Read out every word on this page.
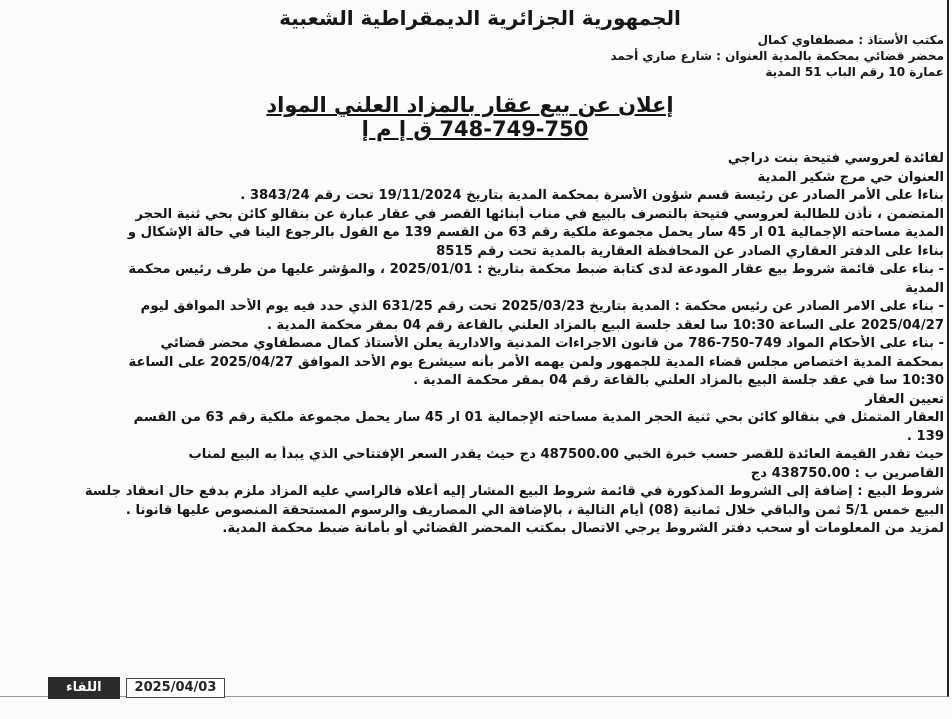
الجمهورية الجزائرية الديمقراطية الشعبية
مكتب الأستاذ : مصطفاوي كمال
محضر قضائي بمحكمة بالمدية العنوان : شارع صاري أحمد
عمارة 10 رقم الباب 51 المدية
إعلان عن بيع عقار بالمزاد العلني المواد
748-749-750 ق إ م إ
لفائدة لعروسي فتيحة بنت دراجي
العنوان حي مرج شكير المدية
بناءا على الأمر الصادر عن رئيسة قسم شؤون الأسرة بمحكمة المدية بتاريخ 19/11/2024 تحت رقم 3843/24 .
المتضمن ، نأذن للطالبة لعروسي فتيحة بالتصرف بالبيع في مناب أبنائها القصر في عقار عبارة عن بنقالو كائن بحي ثنية الحجر
المدية مساحته الإجمالية 01 ار 45 سار يحمل مجموعة ملكية رقم 63 من القسم 139 مع القول بالرجوع الينا في حالة الإشكال و
بناءا على الدفتر العقاري الصادر عن المحافظة العقارية بالمدية تحت رقم 8515
- بناء على قائمة شروط بيع عقار المودعة لدى كتابة ضبط محكمة بتاريخ : 2025/01/01 ، والمؤشر عليها من طرف رئيس محكمة
المدية
- بناء على الامر الصادر عن رئيس محكمة : المدية بتاريخ 2025/03/23 تحت رقم 631/25 الذي حدد فيه يوم الأحد الموافق ليوم
2025/04/27 على الساعة 10:30 سا لعقد جلسة البيع بالمزاد العلني بالقاعة رقم 04 بمقر محكمة المدية .
- بناء على الأحكام المواد 749-750-786 من قانون الاجراءات المدنية والادارية يعلن الأستاذ كمال مصطفاوي محضر قضائي
بمحكمة المدية اختصاص مجلس قضاء المدية للجمهور ولمن يهمه الأمر بأنه سيشرع يوم الأحد الموافق 2025/04/27 على الساعة
10:30 سا في عقد جلسة البيع بالمزاد العلني بالقاعة رقم 04 بمقر محكمة المدية .
تعيين العقار
العقار المتمثل في بنقالو كائن بحي ثنية الحجر المدية مساحته الإجمالية 01 ار 45 سار يحمل مجموعة ملكية رقم 63 من القسم
139 .
حيث تقدر القيمة العائدة للقصر حسب خبرة الخبي 487500.00 دج حيث يقدر السعر الإفتتاحي الذي يبدأ به البيع لمناب
القاصرين ب : 438750.00 دج
شروط البيع : إضافة إلى الشروط المذكورة في قائمة شروط البيع المشار إليه أعلاه فالراسي عليه المزاد ملزم بدفع حال انعقاد جلسة
البيع خمس 5/1 ثمن والباقي خلال ثمانية (08) أيام التالية ، بالإضافة الي المصاريف والرسوم المستحقة المنصوص عليها قانونا .
لمزيد من المعلومات أو سحب دفتر الشروط يرجي الاتصال بمكتب المحضر القضائي أو بأمانة ضبط محكمة المدية.
اللقاء	2025/04/03
